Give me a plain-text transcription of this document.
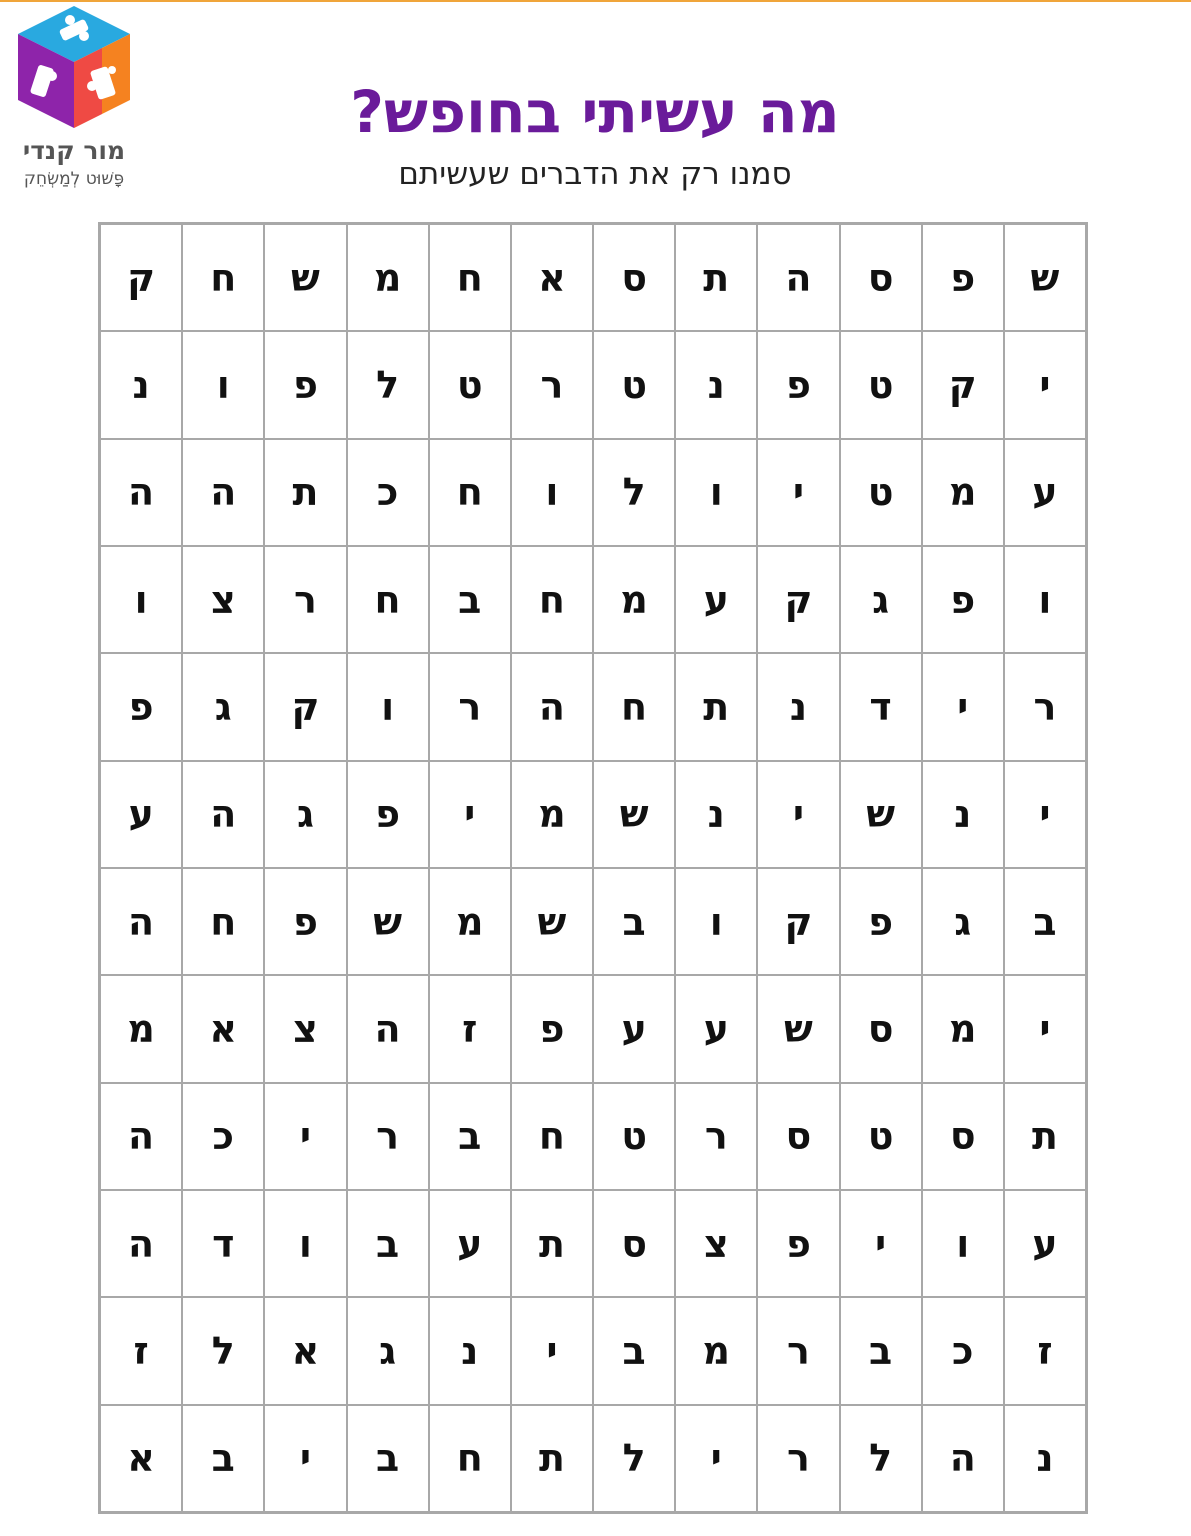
מור קנדי
פָּשׁוּט לְמַשְׂחֵק
מה עשיתי בחופש?

סמנו רק את הדברים שעשיתם

ש
פ
ס
ה
ת
ס
א
ח
מ
ש
ח
ק
י
ק
ט
פ
נ
ט
ר
ט
ל
פ
ו
נ
ע
מ
ט
י
ו
ל
ו
ח
כ
ת
ה
ה
ו
פ
ג
ק
ע
מ
ח
ב
ח
ר
צ
ו
ר
י
ד
נ
ת
ח
ה
ר
ו
ק
ג
פ
י
נ
ש
י
נ
ש
מ
י
פ
ג
ה
ע
ב
ג
פ
ק
ו
ב
ש
מ
ש
פ
ח
ה
י
מ
ס
ש
ע
ע
פ
ז
ה
צ
א
מ
ת
ס
ט
ס
ר
ט
ח
ב
ר
י
כ
ה
ע
ו
י
פ
צ
ס
ת
ע
ב
ו
ד
ה
ז
כ
ב
ר
מ
ב
י
נ
ג
א
ל
ז
נ
ה
ל
ר
י
ל
ת
ח
ב
י
ב
א
